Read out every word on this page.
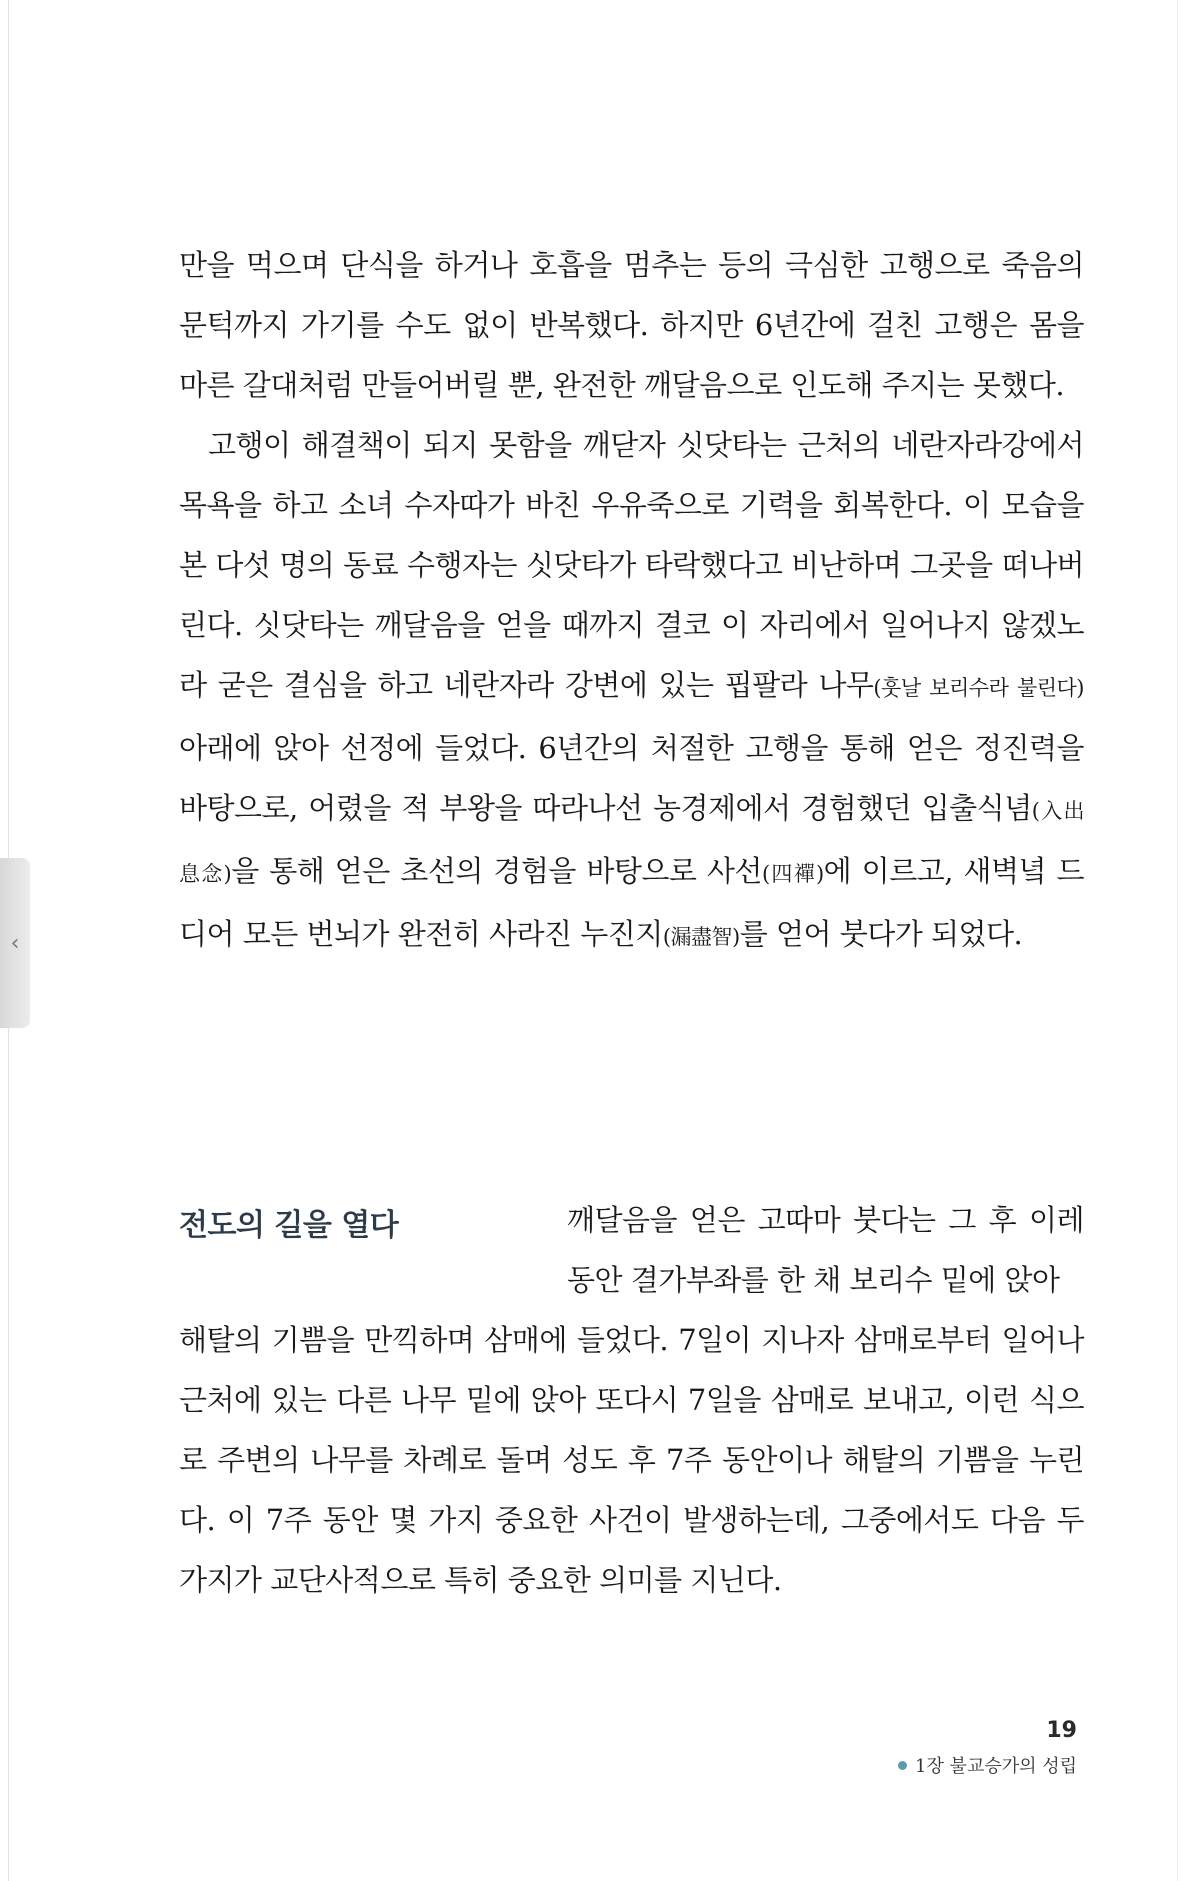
만을 먹으며 단식을 하거나 호흡을 멈추는 등의 극심한 고행으로 죽음의 문턱까지 가기를 수도 없이 반복했다. 하지만 6년간에 걸친 고행은 몸을 마른 갈대처럼 만들어버릴 뿐, 완전한 깨달음으로 인도해 주지는 못했다.

고행이 해결책이 되지 못함을 깨닫자 싯닷타는 근처의 네란자라강에서 목욕을 하고 소녀 수자따가 바친 우유죽으로 기력을 회복한다. 이 모습을 본 다섯 명의 동료 수행자는 싯닷타가 타락했다고 비난하며 그곳을 떠나버린다. 싯닷타는 깨달음을 얻을 때까지 결코 이 자리에서 일어나지 않겠노라 굳은 결심을 하고 네란자라 강변에 있는 핍팔라 나무(훗날 보리수라 불린다) 아래에 앉아 선정에 들었다. 6년간의 처절한 고행을 통해 얻은 정진력을 바탕으로, 어렸을 적 부왕을 따라나선 농경제에서 경험했던 입출식념(入出息念)을 통해 얻은 초선의 경험을 바탕으로 사선(四禪)에 이르고, 새벽녘 드디어 모든 번뇌가 완전히 사라진 누진지(漏盡智)를 얻어 붓다가 되었다.

전도의 길을 열다	깨달음을 얻은 고따마 붓다는 그 후 이레 동안 결가부좌를 한 채 보리수 밑에 앉아
해탈의 기쁨을 만끽하며 삼매에 들었다. 7일이 지나자 삼매로부터 일어나 근처에 있는 다른 나무 밑에 앉아 또다시 7일을 삼매로 보내고, 이런 식으로 주변의 나무를 차례로 돌며 성도 후 7주 동안이나 해탈의 기쁨을 누린다. 이 7주 동안 몇 가지 중요한 사건이 발생하는데, 그중에서도 다음 두 가지가 교단사적으로 특히 중요한 의미를 지닌다.
19
1장 불교승가의 성립
‹
